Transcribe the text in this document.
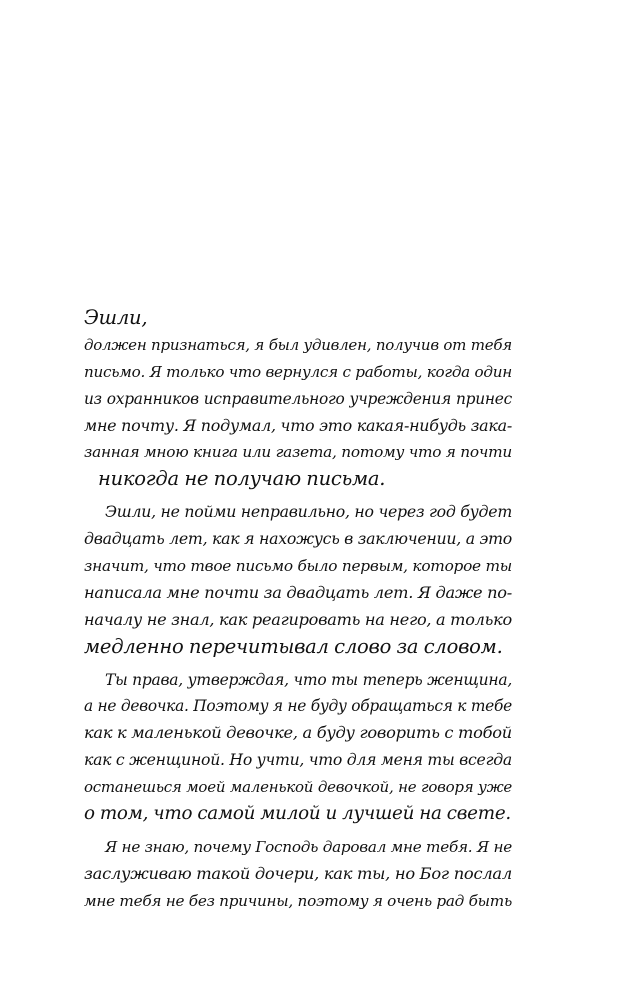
Эшли,
должен признаться, я был удивлен, получив от тебя
письмо. Я только что вернулся с работы, когда один
из охранников исправительного учреждения принес
мне почту. Я подумал, что это какая-нибудь зака-
занная мною книга или газета, потому что я почти
никогда не получаю письма.
Эшли, не пойми неправильно, но через год будет
двадцать лет, как я нахожусь в заключении, а это
значит, что твое письмо было первым, которое ты
написала мне почти за двадцать лет. Я даже по-
началу не знал, как реагировать на него, а только
медленно перечитывал слово за словом.
Ты права, утверждая, что ты теперь женщина,
а не девочка. Поэтому я не буду обращаться к тебе
как к маленькой девочке, а буду говорить с тобой
как с женщиной. Но учти, что для меня ты всегда
останешься моей маленькой девочкой, не говоря уже
о том, что самой милой и лучшей на свете.
Я не знаю, почему Господь даровал мне тебя. Я не
заслуживаю такой дочери, как ты, но Бог послал
мне тебя не без причины, поэтому я очень рад быть
